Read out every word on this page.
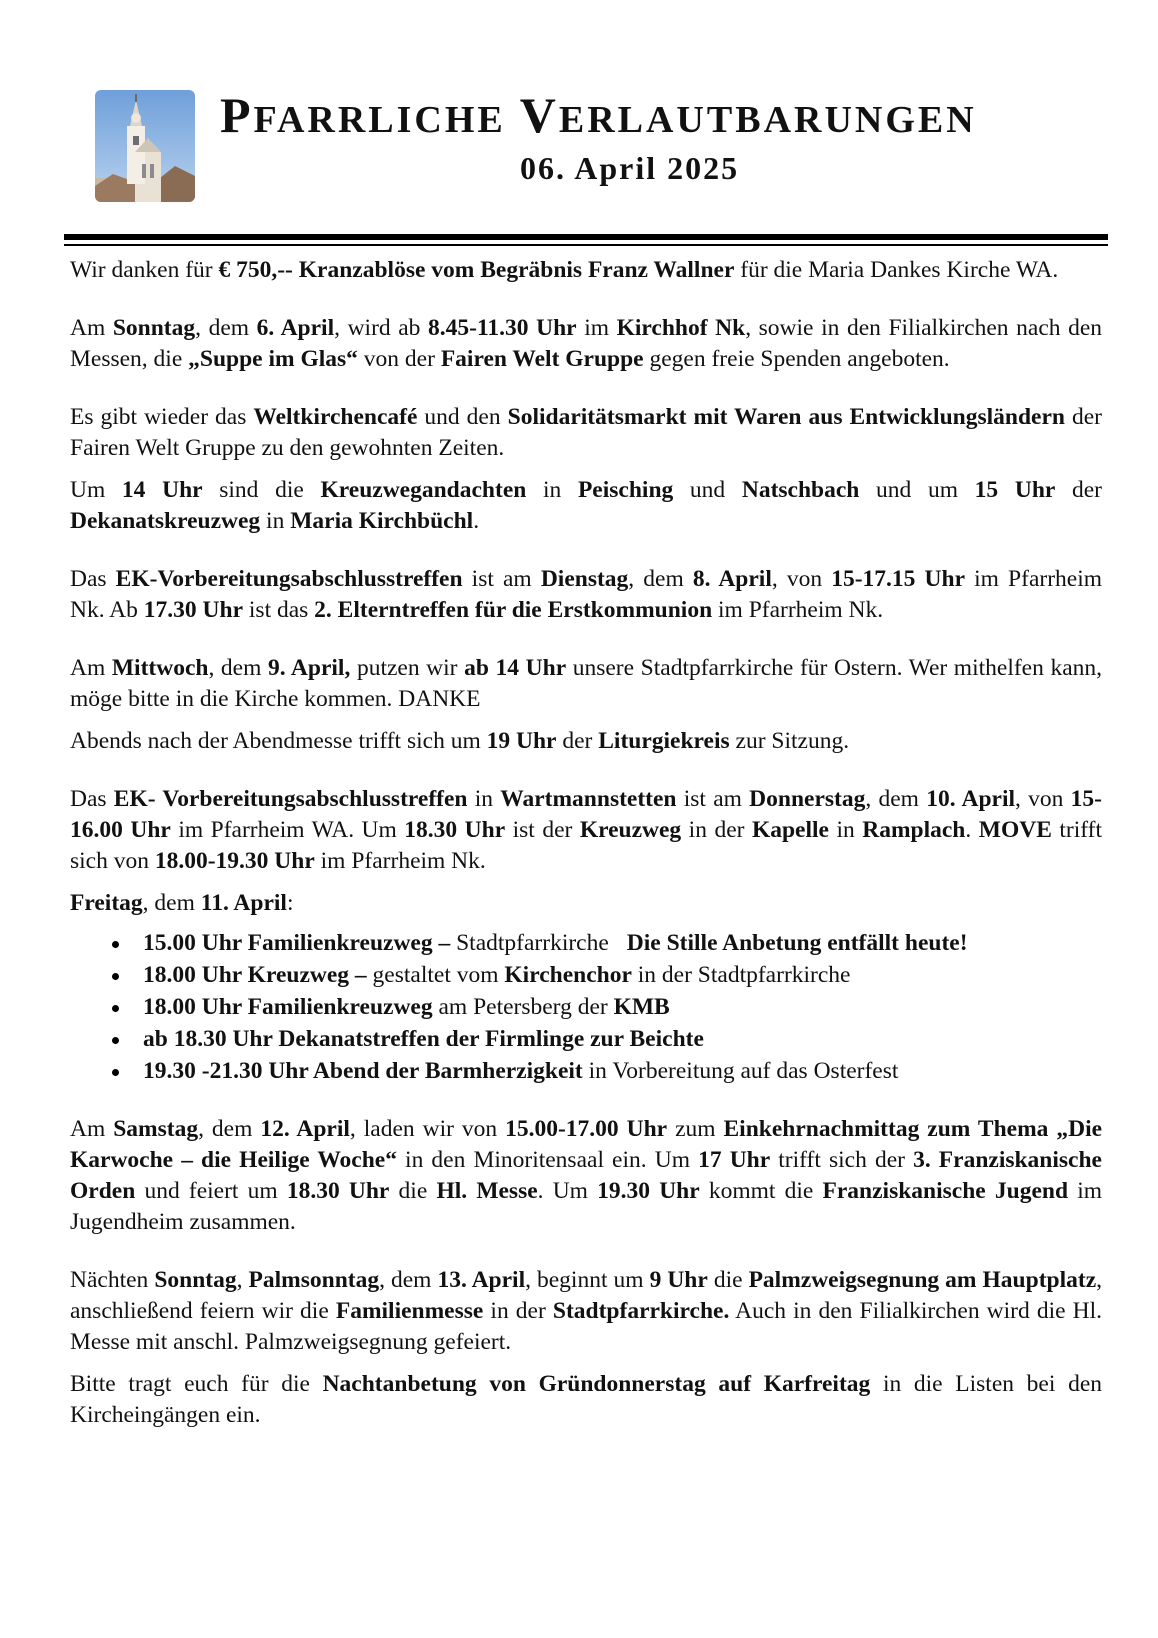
PFARRLICHE VERLAUTBARUNGEN
06. April 2025

Wir danken für € 750,-- Kranzablöse vom Begräbnis Franz Wallner für die Maria Dankes Kirche WA.

Am Sonntag, dem 6. April, wird ab 8.45-11.30 Uhr im Kirchhof Nk, sowie in den Filialkirchen nach den Messen, die „Suppe im Glas“ von der Fairen Welt Gruppe gegen freie Spenden angeboten.

Es gibt wieder das Weltkirchencafé und den Solidaritätsmarkt mit Waren aus Entwicklungsländern der Fairen Welt Gruppe zu den gewohnten Zeiten.

Um 14 Uhr sind die Kreuzwegandachten in Peisching und Natschbach und um 15 Uhr der Dekanatskreuzweg in Maria Kirchbüchl.

Das EK-Vorbereitungsabschlusstreffen ist am Dienstag, dem 8. April, von 15-17.15 Uhr im Pfarrheim Nk. Ab 17.30 Uhr ist das 2. Elterntreffen für die Erstkommunion im Pfarrheim Nk.

Am Mittwoch, dem 9. April, putzen wir ab 14 Uhr unsere Stadtpfarrkirche für Ostern. Wer mithelfen kann, möge bitte in die Kirche kommen. DANKE

Abends nach der Abendmesse trifft sich um 19 Uhr der Liturgiekreis zur Sitzung.

Das EK- Vorbereitungsabschlusstreffen in Wartmannstetten ist am Donnerstag, dem 10. April, von 15-16.00 Uhr im Pfarrheim WA. Um 18.30 Uhr ist der Kreuzweg in der Kapelle in Ramplach. MOVE trifft sich von 18.00-19.30 Uhr im Pfarrheim Nk.

Freitag, dem 11. April:

15.00 Uhr Familienkreuzweg – Stadtpfarrkirche Die Stille Anbetung entfällt heute!
18.00 Uhr Kreuzweg – gestaltet vom Kirchenchor in der Stadtpfarrkirche
18.00 Uhr Familienkreuzweg am Petersberg der KMB
ab 18.30 Uhr Dekanatstreffen der Firmlinge zur Beichte
19.30 -21.30 Uhr Abend der Barmherzigkeit in Vorbereitung auf das Osterfest

Am Samstag, dem 12. April, laden wir von 15.00-17.00 Uhr zum Einkehrnachmittag zum Thema „Die Karwoche – die Heilige Woche“ in den Minoritensaal ein. Um 17 Uhr trifft sich der 3. Franziskanische Orden und feiert um 18.30 Uhr die Hl. Messe. Um 19.30 Uhr kommt die Franziskanische Jugend im Jugendheim zusammen.

Nächten Sonntag, Palmsonntag, dem 13. April, beginnt um 9 Uhr die Palmzweigsegnung am Hauptplatz, anschließend feiern wir die Familienmesse in der Stadtpfarrkirche. Auch in den Filialkirchen wird die Hl. Messe mit anschl. Palmzweigsegnung gefeiert.

Bitte tragt euch für die Nachtanbetung von Gründonnerstag auf Karfreitag in die Listen bei den Kircheingängen ein.
